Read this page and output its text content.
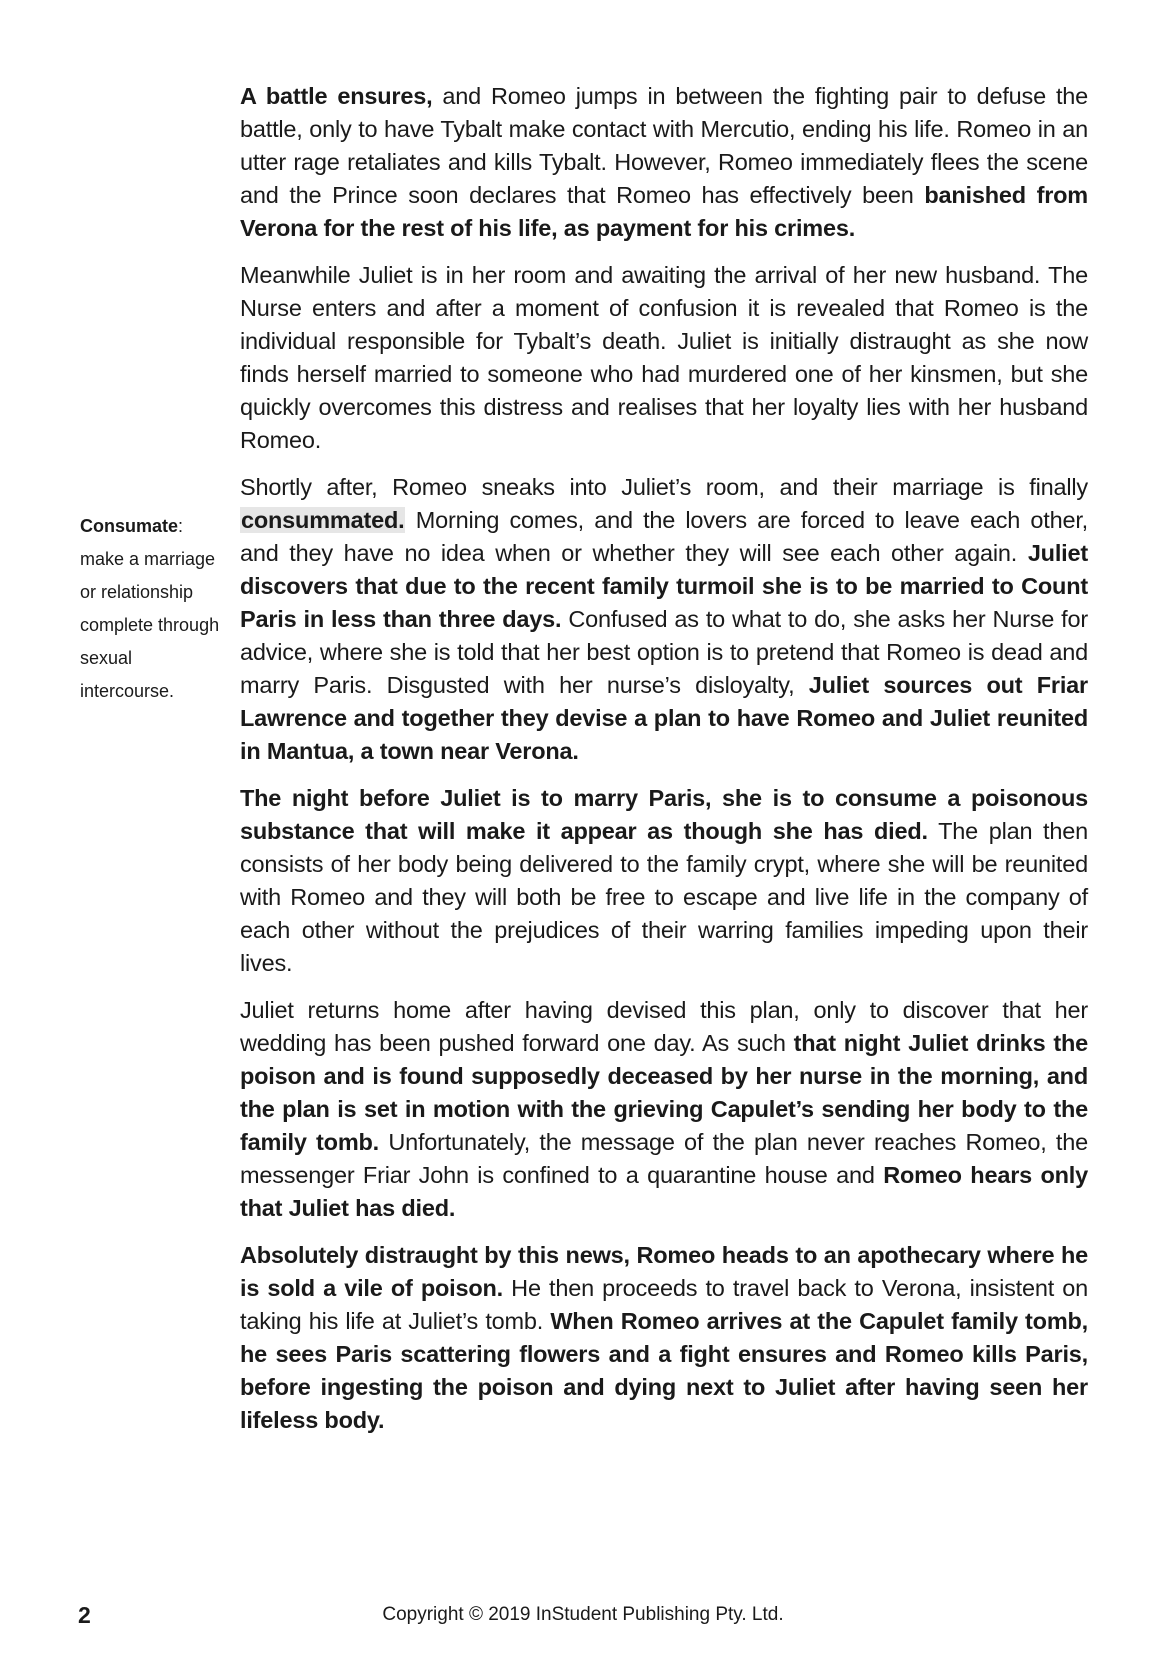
A battle ensures, and Romeo jumps in between the fighting pair to defuse the battle, only to have Tybalt make contact with Mercutio, ending his life. Romeo in an utter rage retaliates and kills Tybalt. However, Romeo immediately flees the scene and the Prince soon declares that Romeo has effectively been banished from Verona for the rest of his life, as payment for his crimes.

Meanwhile Juliet is in her room and awaiting the arrival of her new husband. The Nurse enters and after a moment of confusion it is revealed that Romeo is the individual responsible for Tybalt’s death. Juliet is initially distraught as she now finds herself married to someone who had murdered one of her kinsmen, but she quickly overcomes this distress and realises that her loyalty lies with her husband Romeo.

Shortly after, Romeo sneaks into Juliet’s room, and their marriage is finally consummated. Morning comes, and the lovers are forced to leave each other, and they have no idea when or whether they will see each other again. Juliet discovers that due to the recent family turmoil she is to be married to Count Paris in less than three days. Confused as to what to do, she asks her Nurse for advice, where she is told that her best option is to pretend that Romeo is dead and marry Paris. Disgusted with her nurse’s disloyalty, Juliet sources out Friar Lawrence and together they devise a plan to have Romeo and Juliet reunited in Mantua, a town near Verona.

The night before Juliet is to marry Paris, she is to consume a poisonous substance that will make it appear as though she has died. The plan then consists of her body being delivered to the family crypt, where she will be reunited with Romeo and they will both be free to escape and live life in the company of each other without the prejudices of their warring families impeding upon their lives.

Juliet returns home after having devised this plan, only to discover that her wedding has been pushed forward one day. As such that night Juliet drinks the poison and is found supposedly deceased by her nurse in the morning, and the plan is set in motion with the grieving Capulet’s sending her body to the family tomb. Unfortunately, the message of the plan never reaches Romeo, the messenger Friar John is confined to a quarantine house and Romeo hears only that Juliet has died.

Absolutely distraught by this news, Romeo heads to an apothecary where he is sold a vile of poison. He then proceeds to travel back to Verona, insistent on taking his life at Juliet’s tomb. When Romeo arrives at the Capulet family tomb, he sees Paris scattering flowers and a fight ensures and Romeo kills Paris, before ingesting the poison and dying next to Juliet after having seen her lifeless body.

Consumate: make a marriage or relationship complete through sexual intercourse.
2	Copyright © 2019 InStudent Publishing Pty. Ltd.
